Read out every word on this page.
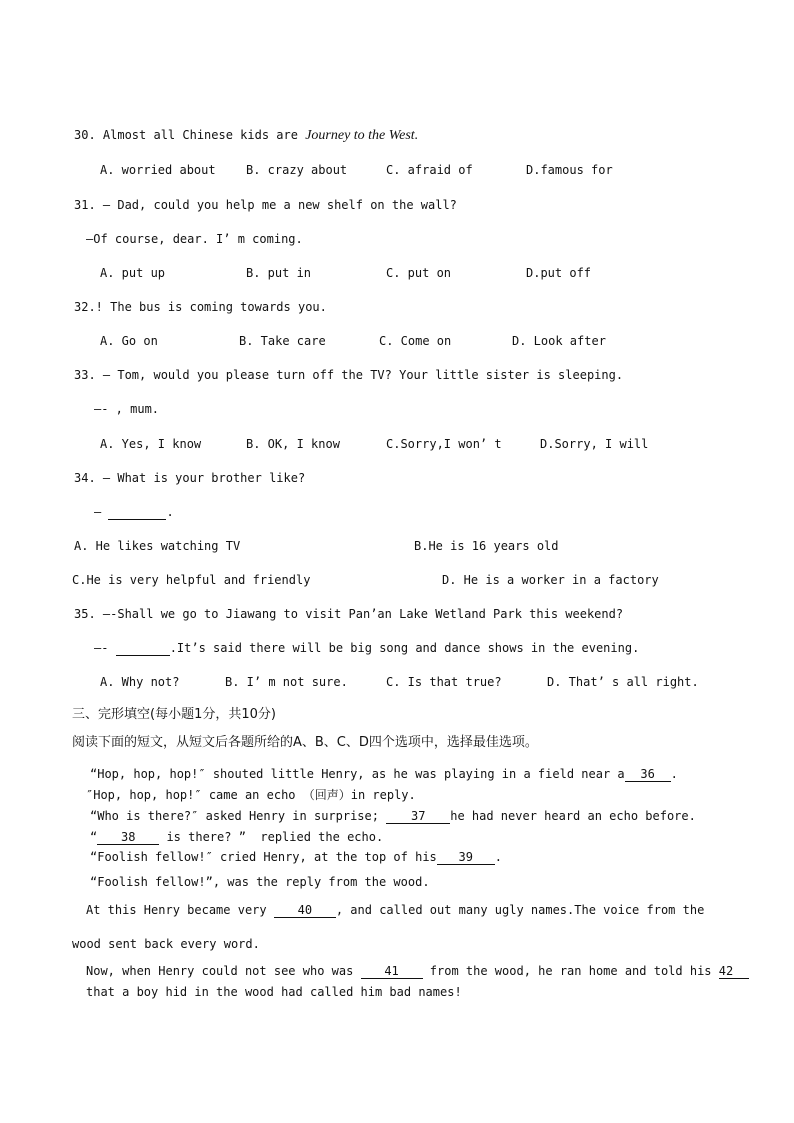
30. Almost all Chinese kids are Journey to the West.
A. worried about	B. crazy about	C. afraid of	D.famous for
31. — Dad, could you help me a new shelf on the wall?
—Of course, dear. I’ m coming.
A. put up	B. put in	C. put on	D.put off
32.! The bus is coming towards you.
A. Go on	B. Take care	C. Come on	D. Look after
33. — Tom, would you please turn off the TV? Your little sister is sleeping.
—- , mum.
A. Yes, I know	B. OK, I know	C.Sorry,I won’ t	D.Sorry, I will
34. — What is your brother like?
—	.
A. He likes watching TV	B.He is 16 years old
C.He is very helpful and friendly	D. He is a worker in a factory
35. —-Shall we go to Jiawang to visit Pan’an Lake Wetland Park this weekend?
—-	.It’s said there will be big song and dance shows in the evening.
A. Why not?	B. I’ m not sure.	C. Is that true?	D. That’ s all right.
三、完形填空(每小题1分，共10分)
阅读下面的短文，从短文后各题所给的A、B、C、D四个选项中，选择最佳选项。
“Hop, hop, hop!″ shouted little Henry, as he was playing in a field near a 36 .
″Hop, hop, hop!″ came an echo （回声）in reply.
“Who is there?″ asked Henry in surprise; 37 he had never heard an echo before.
“ 38 is there? ”  replied the echo.
“Foolish fellow!″ cried Henry, at the top of his 39 .
“Foolish fellow!”, was the reply from the wood.
At this Henry became very 40 , and called out many ugly names.The voice from the
wood sent back every word.
Now, when Henry could not see who was 41 from the wood, he ran home and told his 42
that a boy hid in the wood had called him bad names!
